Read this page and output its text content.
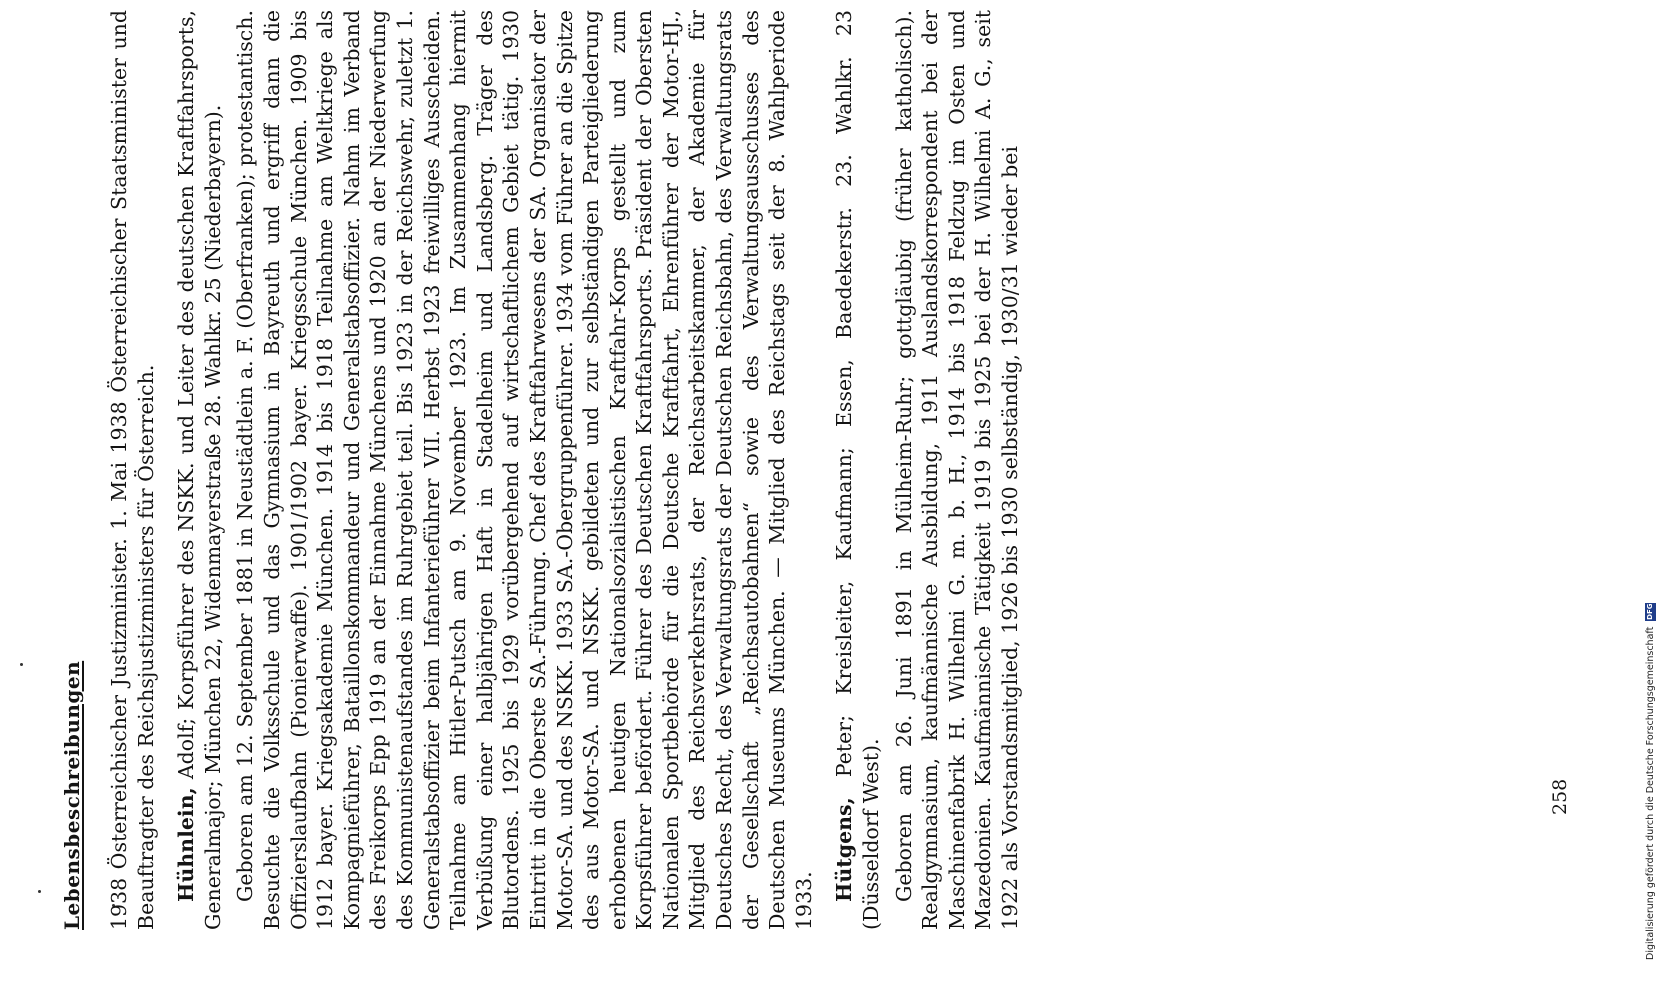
Lebensbeschreibungen 1938 Österreichischer Justizminister. 1. Mai 1938 Österreichischer Staatsminister und Beauftragter des Reichsjustizministers für Österreich. Hühnlein, Adolf; Korpsführer des NSKK. und Leiter des deutschen Kraftfahrsports, Generalmajor; München 22, Widenmayerstraße 28. Wahlkr. 25 (Niederbayern). Geboren am 12. September 1881 in Neustädtlein a. F. (Oberfranken); protestantisch. Besuchte die Volksschule und das Gymnasium in Bayreuth und ergriff dann die Offizierslaufbahn (Pionierwaffe). 1901/1902 bayer. Kriegsschule München. 1909 bis 1912 bayer. Kriegsakademie München. 1914 bis 1918 Teilnahme am Weltkriege als Kompagnieführer, Bataillonskommandeur und Generalstabsoffizier. Nahm im Verband des Freikorps Epp 1919 an der Einnahme Münchens und 1920 an der Niederwerfung des Kommunistenaufstandes im Ruhrgebiet teil. Bis 1923 in der Reichswehr, zuletzt 1. Generalstabsoffizier beim Infanterieführer VII. Herbst 1923 freiwilliges Ausscheiden. Teilnahme am Hitler-Putsch am 9. November 1923. Im Zusammenhang hiermit Verbüßung einer halbjährigen Haft in Stadelheim und Landsberg. Träger des Blutordens. 1925 bis 1929 vorübergehend auf wirtschaftlichem Gebiet tätig. 1930 Eintritt in die Oberste SA.-Führung. Chef des Kraftfahrwesens der SA. Organisator der Motor-SA. und des NSKK. 1933 SA.-Obergruppenführer. 1934 vom Führer an die Spitze des aus Motor-SA. und NSKK. gebildeten und zur selbständigen Parteigliederung erhobenen heutigen Nationalsozialistischen Kraftfahr-Korps gestellt und zum Korpsführer befördert. Führer des Deutschen Kraftfahrsports. Präsident der Obersten Nationalen Sportbehörde für die Deutsche Kraftfahrt, Ehrenführer der Motor-HJ., Mitglied des Reichsverkehrsrats, der Reichsarbeitskammer, der Akademie für Deutsches Recht, des Verwaltungsrats der Deutschen Reichsbahn, des Verwaltungsrats der Gesellschaft „Reichsautobahnen“ sowie des Verwaltungsausschusses des Deutschen Museums München. — Mitglied des Reichstags seit der 8. Wahlperiode 1933. Hütgens, Peter; Kreisleiter, Kaufmann; Essen, Baedekerstr. 23. Wahlkr. 23 (Düsseldorf West). Geboren am 26. Juni 1891 in Mülheim-Ruhr; gottgläubig (früher katholisch). Realgymnasium, kaufmännische Ausbildung, 1911 Auslandskorrespondent bei der Maschinenfabrik H. Wilhelmi G. m. b. H., 1914 bis 1918 Feldzug im Osten und Mazedonien. Kaufmännische Tätigkeit 1919 bis 1925 bei der H. Wilhelmi A. G., seit 1922 als Vorstandsmitglied, 1926 bis 1930 selbständig, 1930/31 wieder bei	258	Digitalisierung gefördert durch die Deutsche Forschungsgemeinschaft
DFG
